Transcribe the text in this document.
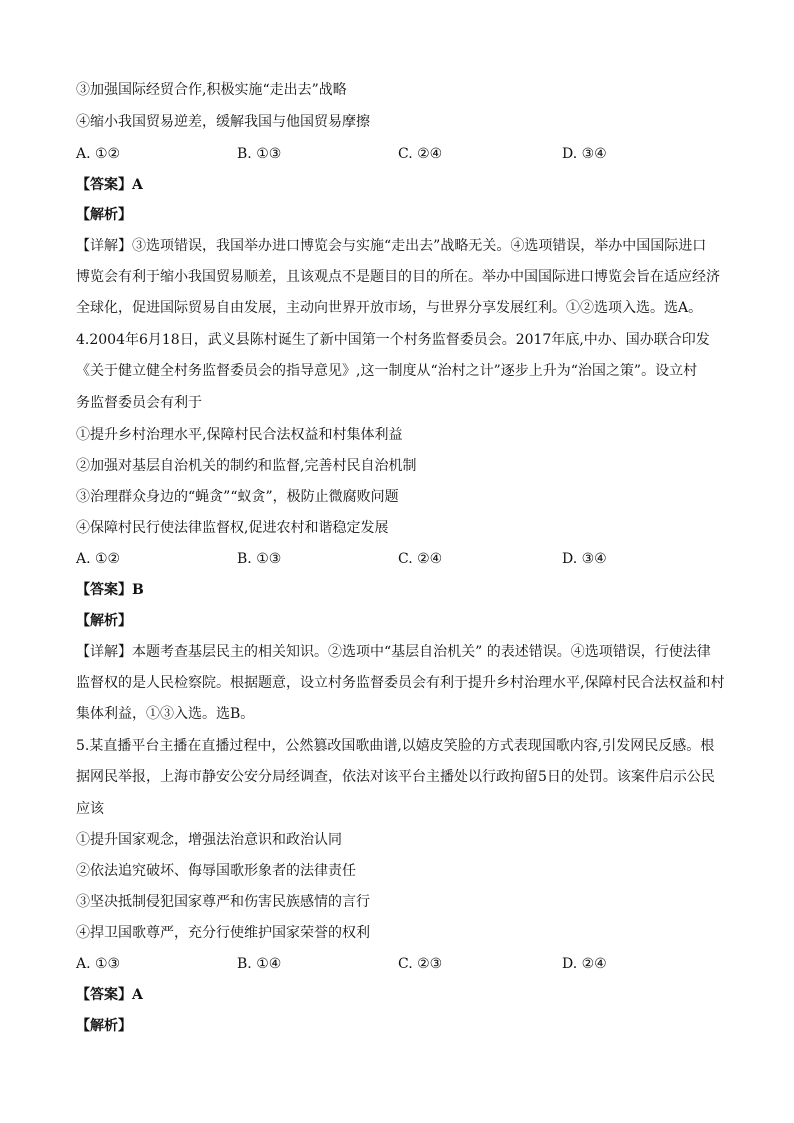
③加强国际经贸合作,积极实施“走出去”战略
④缩小我国贸易逆差，缓解我国与他国贸易摩擦
A. ①②	B. ①③	C. ②④	D. ③④
【答案】A
【解析】
【详解】③选项错误，我国举办进口博览会与实施“走出去”战略无关。④选项错误，举办中国国际进口
博览会有利于缩小我国贸易顺差，且该观点不是题目的目的所在。举办中国国际进口博览会旨在适应经济
全球化，促进国际贸易自由发展，主动向世界开放市场，与世界分享发展红利。①②选项入选。选A。
4.2004年6月18日，武义县陈村诞生了新中国第一个村务监督委员会。2017年底,中办、国办联合印发
《关于健立健全村务监督委员会的指导意见》,这一制度从“治村之计”逐步上升为“治国之策”。设立村
务监督委员会有利于
①提升乡村治理水平,保障村民合法权益和村集体利益
②加强对基层自治机关的制约和监督,完善村民自治机制
③治理群众身边的“蝇贪”“蚁贪”，极防止微腐败问题
④保障村民行使法律监督权,促进农村和谐稳定发展
A. ①②	B. ①③	C. ②④	D. ③④
【答案】B
【解析】
【详解】本题考查基层民主的相关知识。②选项中“基层自治机关” 的表述错误。④选项错误，行使法律
监督权的是人民检察院。根据题意，设立村务监督委员会有利于提升乡村治理水平,保障村民合法权益和村
集体利益，①③入选。选B。
5.某直播平台主播在直播过程中，公然篡改国歌曲谱,以嬉皮笑脸的方式表现国歌内容,引发网民反感。根
据网民举报，上海市静安公安分局经调查，依法对该平台主播处以行政拘留5日的处罚。该案件启示公民
应该
①提升国家观念，增强法治意识和政治认同
②依法追究破坏、侮辱国歌形象者的法律责任
③坚决抵制侵犯国家尊严和伤害民族感情的言行
④捍卫国歌尊严，充分行使维护国家荣誉的权利
A. ①③	B. ①④	C. ②③	D. ②④
【答案】A
【解析】
